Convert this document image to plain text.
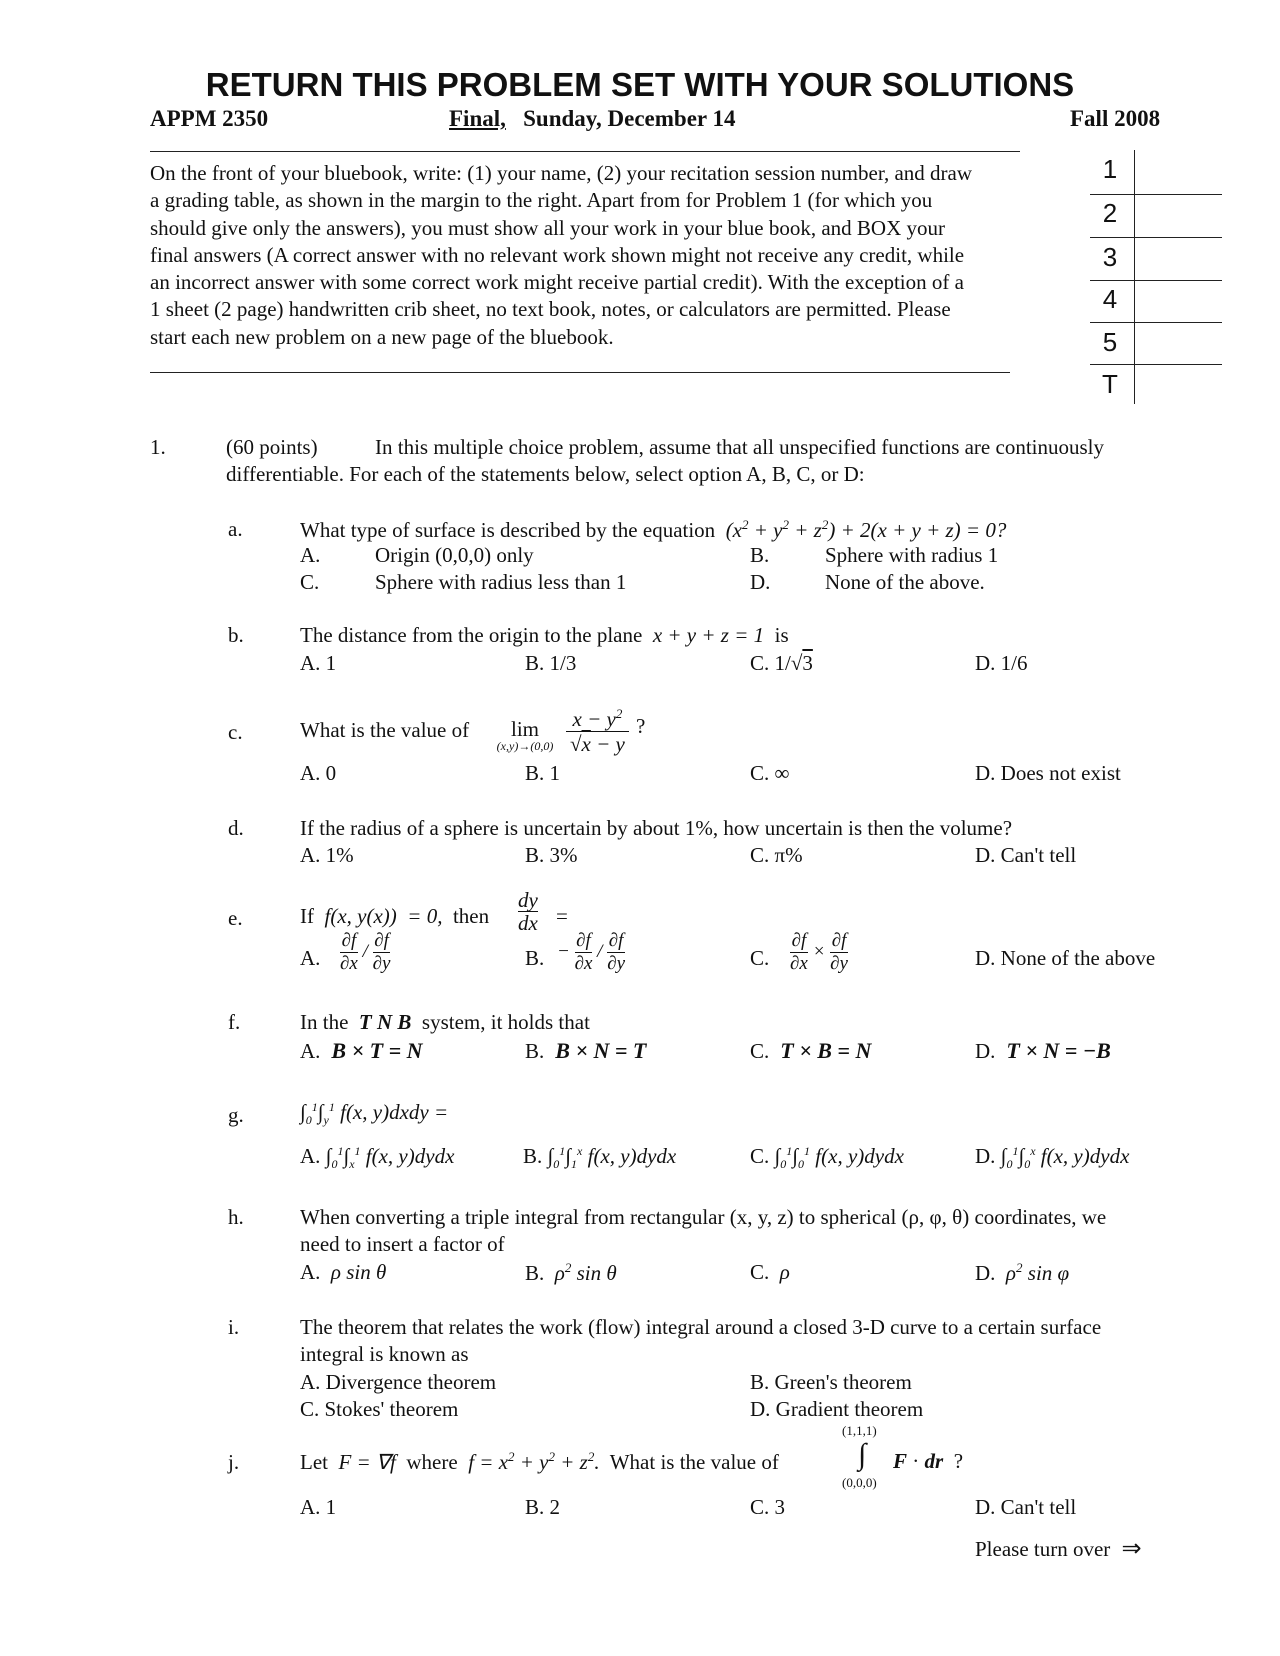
RETURN THIS PROBLEM SET WITH YOUR SOLUTIONS
APPM 2350	Final, Sunday, December 14	Fall 2008
On the front of your bluebook, write: (1) your name, (2) your recitation session number, and draw
a grading table, as shown in the margin to the right. Apart from for Problem 1 (for which you
should give only the answers), you must show all your work in your blue book, and BOX your
final answers (A correct answer with no relevant work shown might not receive any credit, while
an incorrect answer with some correct work might receive partial credit). With the exception of a
1 sheet (2 page) handwritten crib sheet, no text book, notes, or calculators are permitted. Please
start each new problem on a new page of the bluebook.
1
2
3
4
5
T
1.	(60 points)	In this multiple choice problem, assume that all unspecified functions are continuously
differentiable. For each of the statements below, select option A, B, C, or D:
a.	What type of surface is described by the equation  $(x^2 + y^2 + z^2) + 2(x + y + z) = 0$?
A.	Origin (0,0,0) only	B.	Sphere with radius 1
C.	Sphere with radius less than 1	D.	None of the above.
b.	The distance from the origin to the plane  x + y + z = 1  is
A. 1	B. 1/3	C. 1/√3	D. 1/6
c.	What is the value of	lim
(x,y)→(0,0)
$x - y^2$
√x − y
?
A. 0	B. 1	C. ∞	D. Does not exist
d.	If the radius of a sphere is uncertain by about 1%, how uncertain is then the volume?
A. 1%	B. 3%	C. π%	D. Can't tell
e.	If  f(x, y(x))  = 0,  then
dy
dx =
A. $\frac{\partial f}{\partial x} / \frac{\partial f}{\partial y}$	B. − $\frac{\partial f}{\partial x} / \frac{\partial f}{\partial y}$	C. $\frac{\partial f}{\partial x} \times \frac{\partial f}{\partial y}$	D. None of the above
f.	In the  T N B  system, it holds that
A.  B × T = N	B.  B × N = T	C.  T × B = N	D.  T × N = −B
g.	$\int_0^1\int_y^1$ f(x, y)dxdy =
A. $\int_0^1\int_x^1$ f(x, y)dydx	B. $\int_0^1\int_1^x$ f(x, y)dydx	C. $\int_0^1\int_0^1$ f(x, y)dydx	D. $\int_0^1\int_0^x$ f(x, y)dydx
h.	When converting a triple integral from rectangular (x, y, z) to spherical (ρ, φ, θ) coordinates, we
need to insert a factor of
A.  ρ sin θ	B.  $\rho^2$ sin θ	C.  ρ	D.  $\rho^2$ sin φ
i.	The theorem that relates the work (flow) integral around a closed 3-D curve to a certain surface
integral is known as
A. Divergence theorem	B. Green's theorem
C. Stokes' theorem	D. Gradient theorem
j.	Let  F = ∇f  where  $f = x^2 + y^2 + z^2$.  What is the value of
(1,1,1)
∫
(0,0,0)
F · dr  ?
A. 1	B. 2	C. 3	D. Can't tell
Please turn over  ⇒
